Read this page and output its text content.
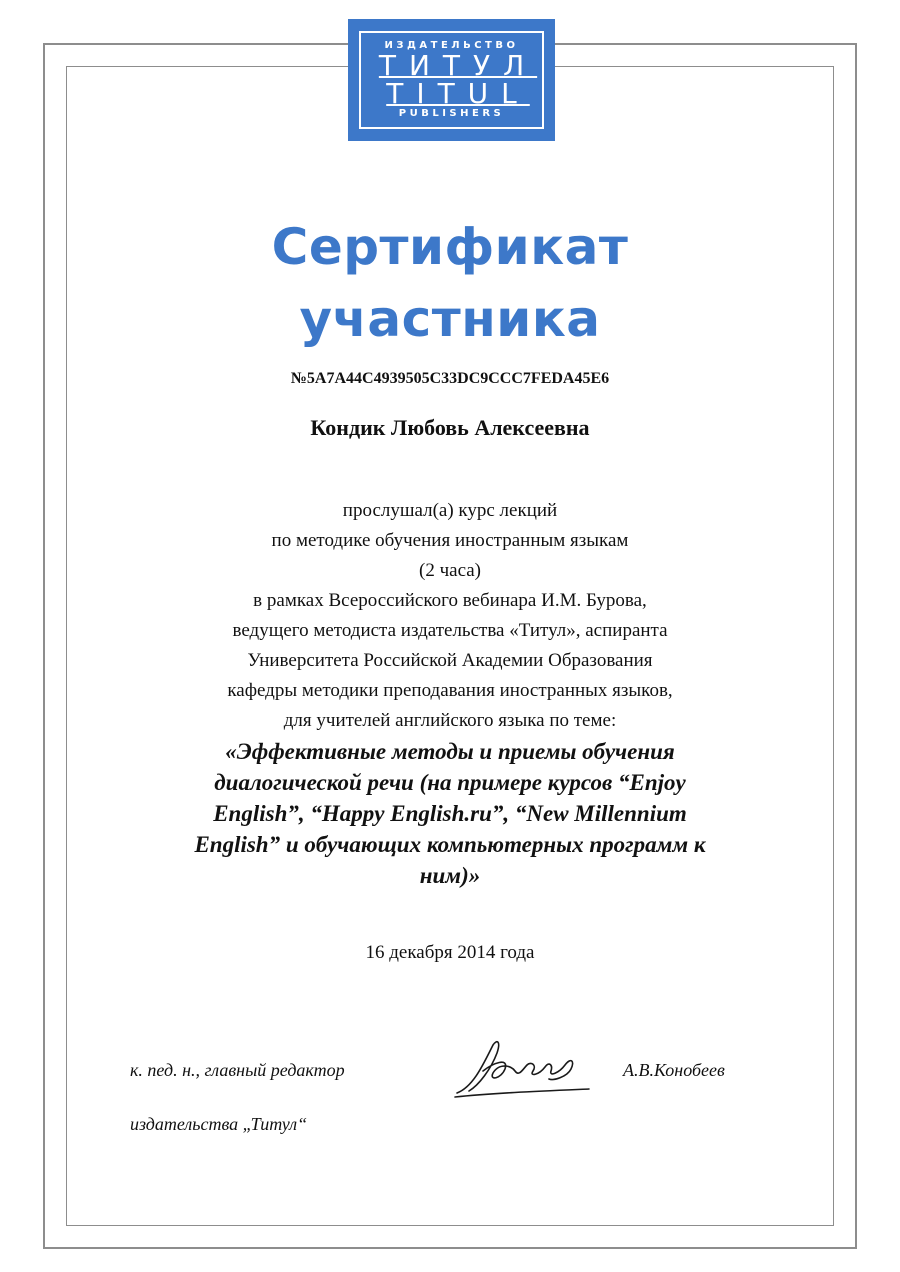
ИЗДАТЕЛЬСТВО
ТИТУЛ
TITUL
PUBLISHERS
Сертификат
участника
№5A7A44C4939505C33DC9CCC7FEDA45E6
Кондик Любовь Алексеевна
прослушал(а) курс лекций
по методике обучения иностранным языкам
(2 часа)
в рамках Всероссийского вебинара И.М. Бурова,
ведущего методиста издательства «Титул», аспиранта
Университета Российской Академии Образования
кафедры методики преподавания иностранных языков,
для учителей английского языка по теме:
«Эффективные методы и приемы обучения
диалогической речи (на примере курсов “Enjoy
English”, “Happy English.ru”, “New Millennium
English” и обучающих компьютерных программ к
ним)»
16 декабря 2014 года
к. пед. н., главный редактор
издательства „Титул“
А.В.Конобеев
